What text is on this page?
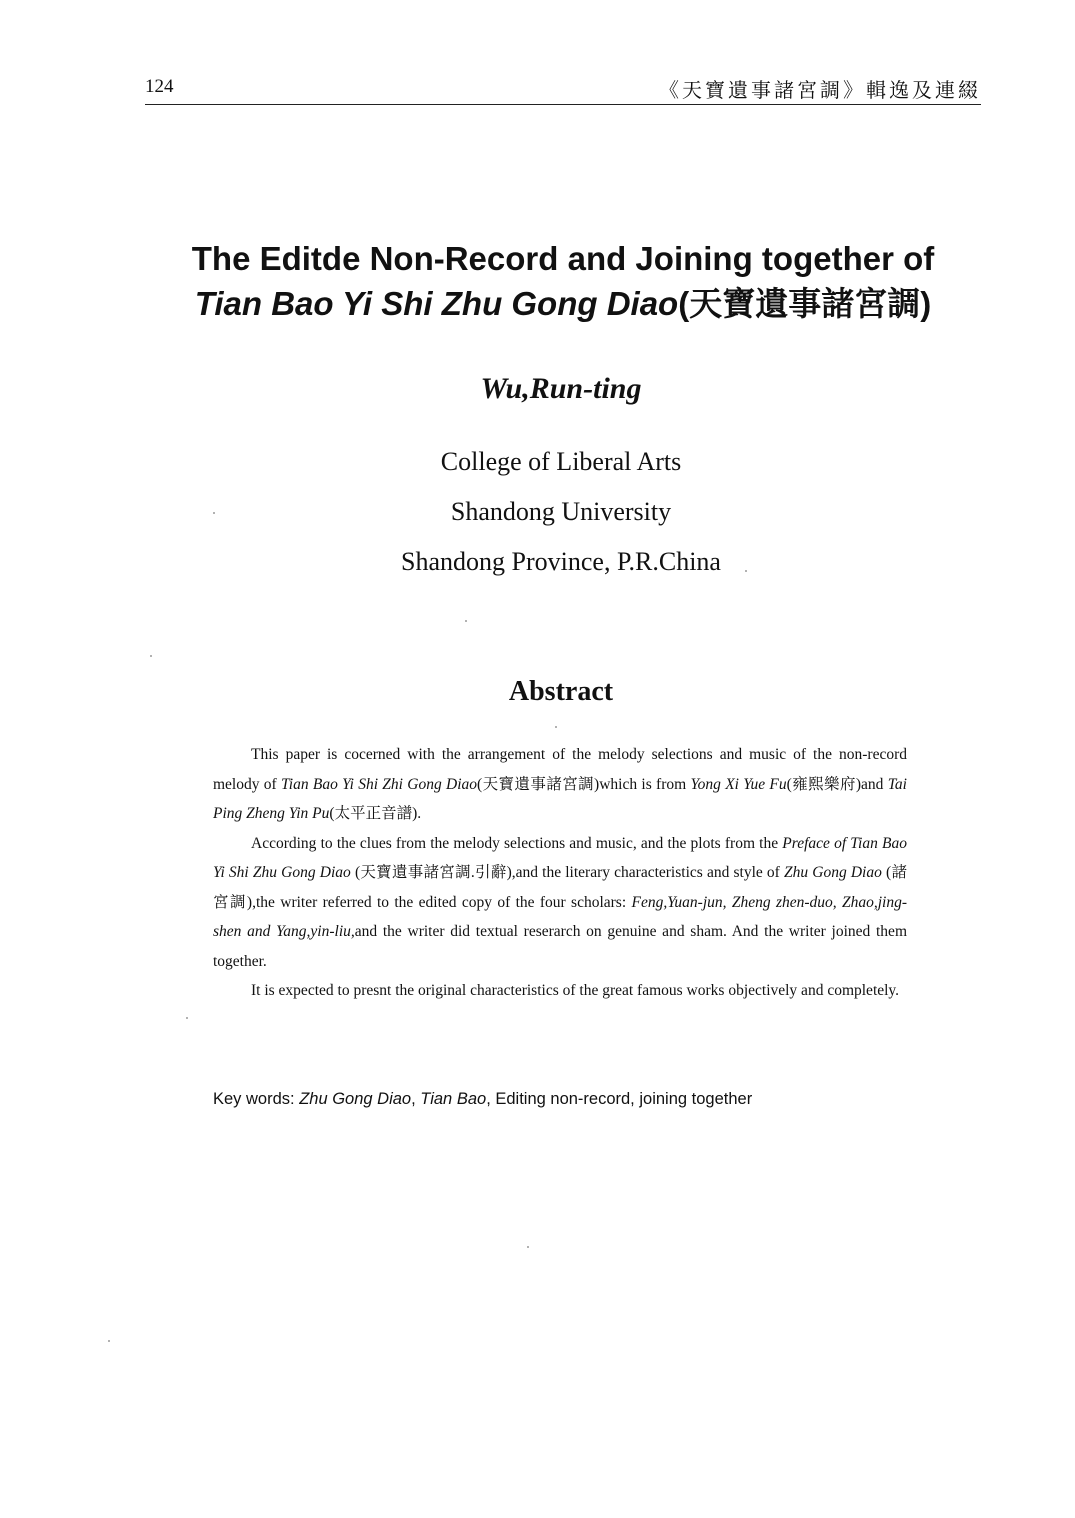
124	《天寶遺事諸宮調》輯逸及連綴
The Editde Non-Record and Joining together of
Tian Bao Yi Shi Zhu Gong Diao(天寶遺事諸宮調)
Wu,Run-ting
College of Liberal Arts
Shandong University
Shandong Province, P.R.China
Abstract

This paper is cocerned with the arrangement of the melody selections and music of the non-record melody of Tian Bao Yi Shi Zhi Gong Diao(天寶遺事諸宮調)which is from Yong Xi Yue Fu(雍熙樂府)and Tai Ping Zheng Yin Pu(太平正音譜).

According to the clues from the melody selections and music, and the plots from the Preface of Tian Bao Yi Shi Zhu Gong Diao (天寶遺事諸宮調.引辭),and the literary characteristics and style of Zhu Gong Diao (諸宮調),the writer referred to the edited copy of the four scholars: Feng,Yuan-jun, Zheng zhen-duo, Zhao,jing-shen and Yang,yin-liu,and the writer did textual reserarch on genuine and sham. And the writer joined them together.

It is expected to presnt the original characteristics of the great famous works objectively and completely.

Key words: Zhu Gong Diao, Tian Bao, Editing non-record, joining together
